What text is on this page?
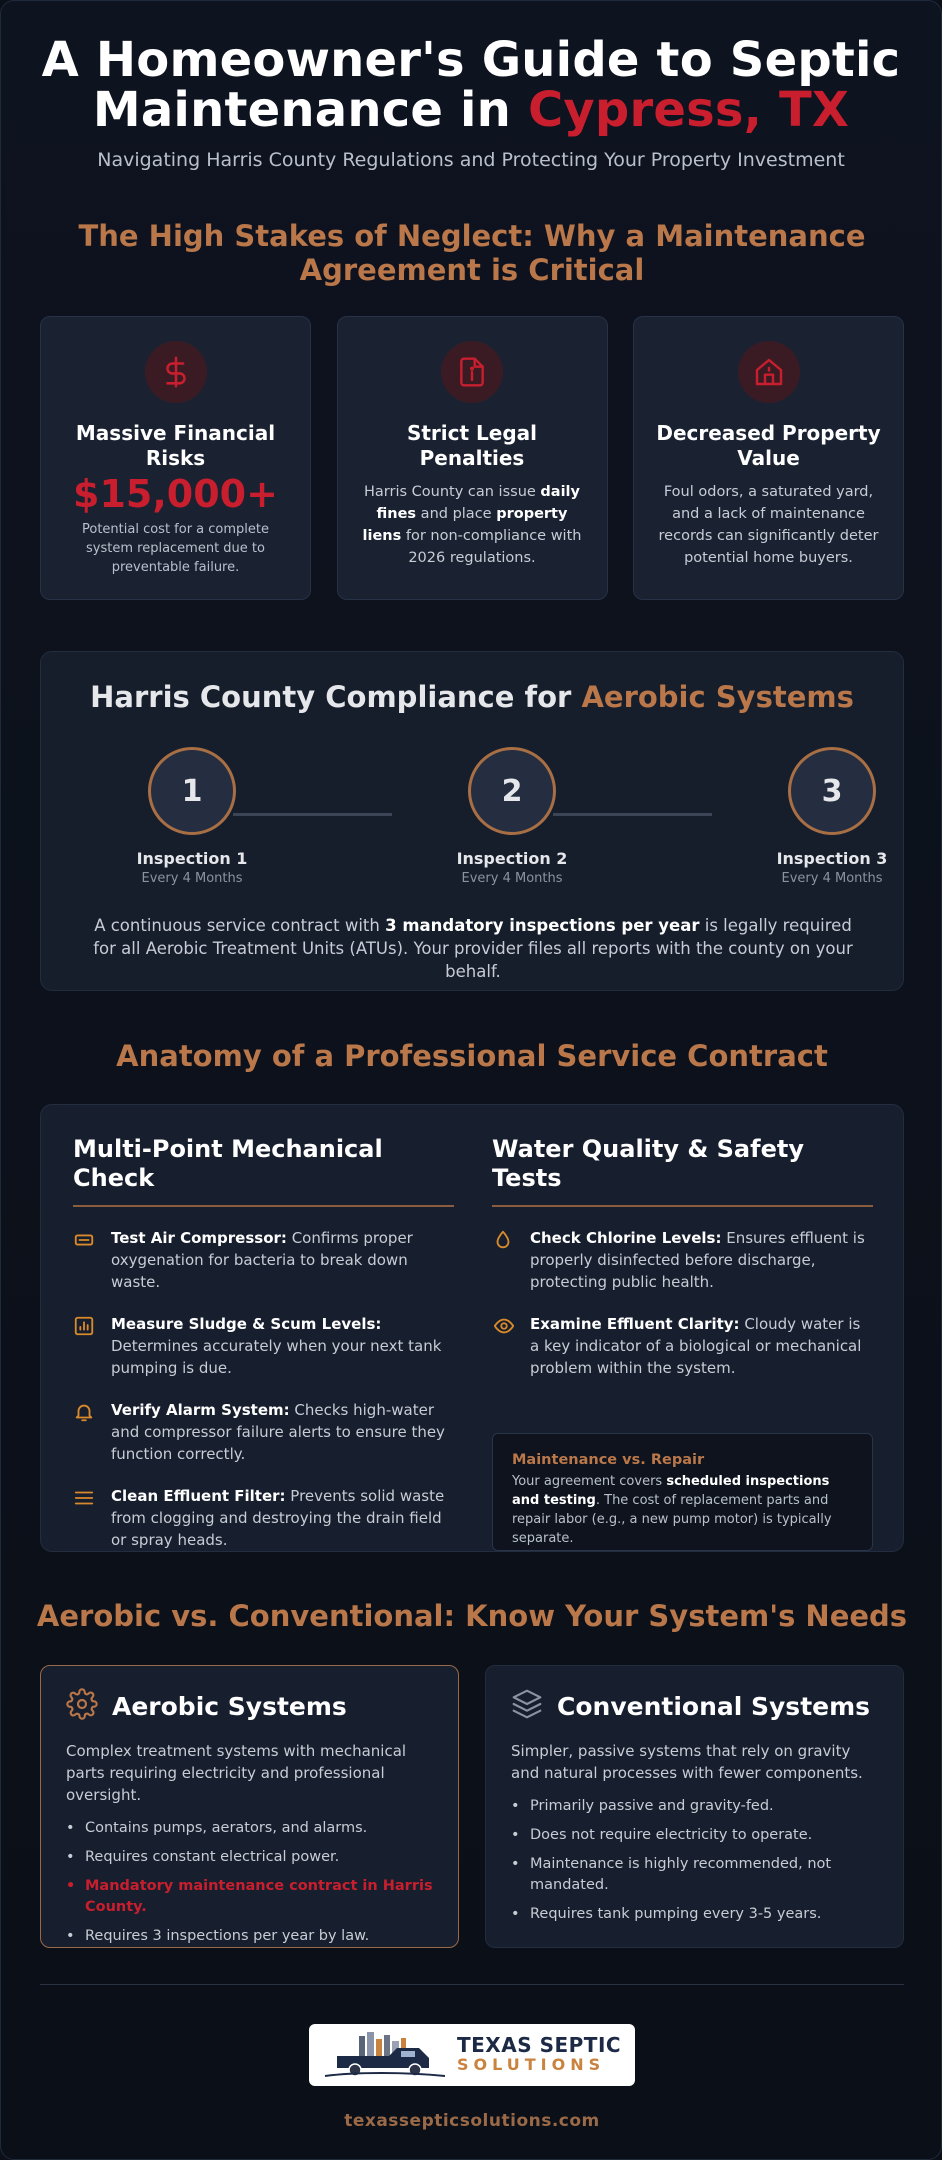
A Homeowner's Guide to Septic
Maintenance in Cypress, TX
Navigating Harris County Regulations and Protecting Your Property Investment
The High Stakes of Neglect: Why a Maintenance Agreement is Critical
Massive Financial Risks
$15,000+
Potential cost for a complete system replacement due to preventable failure.
Strict Legal Penalties
Harris County can issue daily fines and place property liens for non-compliance with 2026 regulations.
Decreased Property Value
Foul odors, a saturated yard, and a lack of maintenance records can significantly deter potential home buyers.
Harris County Compliance for Aerobic Systems
1
Inspection 1
Every 4 Months
2
Inspection 2
Every 4 Months
3
Inspection 3
Every 4 Months
A continuous service contract with 3 mandatory inspections per year is legally required for all Aerobic Treatment Units (ATUs). Your provider files all reports with the county on your behalf.
Anatomy of a Professional Service Contract
Multi-Point Mechanical Check
Test Air Compressor: Confirms proper oxygenation for bacteria to break down waste.
Measure Sludge & Scum Levels: Determines accurately when your next tank pumping is due.
Verify Alarm System: Checks high-water and compressor failure alerts to ensure they function correctly.
Clean Effluent Filter: Prevents solid waste from clogging and destroying the drain field or spray heads.
Water Quality & Safety Tests
Check Chlorine Levels: Ensures effluent is properly disinfected before discharge, protecting public health.
Examine Effluent Clarity: Cloudy water is a key indicator of a biological or mechanical problem within the system.
Maintenance vs. Repair
Your agreement covers scheduled inspections and testing. The cost of replacement parts and repair labor (e.g., a new pump motor) is typically separate.
Aerobic vs. Conventional: Know Your System's Needs
Aerobic Systems
Complex treatment systems with mechanical parts requiring electricity and professional oversight.
• Contains pumps, aerators, and alarms.
• Requires constant electrical power.
• Mandatory maintenance contract in Harris County.
• Requires 3 inspections per year by law.
Conventional Systems
Simpler, passive systems that rely on gravity and natural processes with fewer components.
• Primarily passive and gravity-fed.
• Does not require electricity to operate.
• Maintenance is highly recommended, not mandated.
• Requires tank pumping every 3-5 years.
TEXAS SEPTIC
SOLUTIONS
texassepticsolutions.com
